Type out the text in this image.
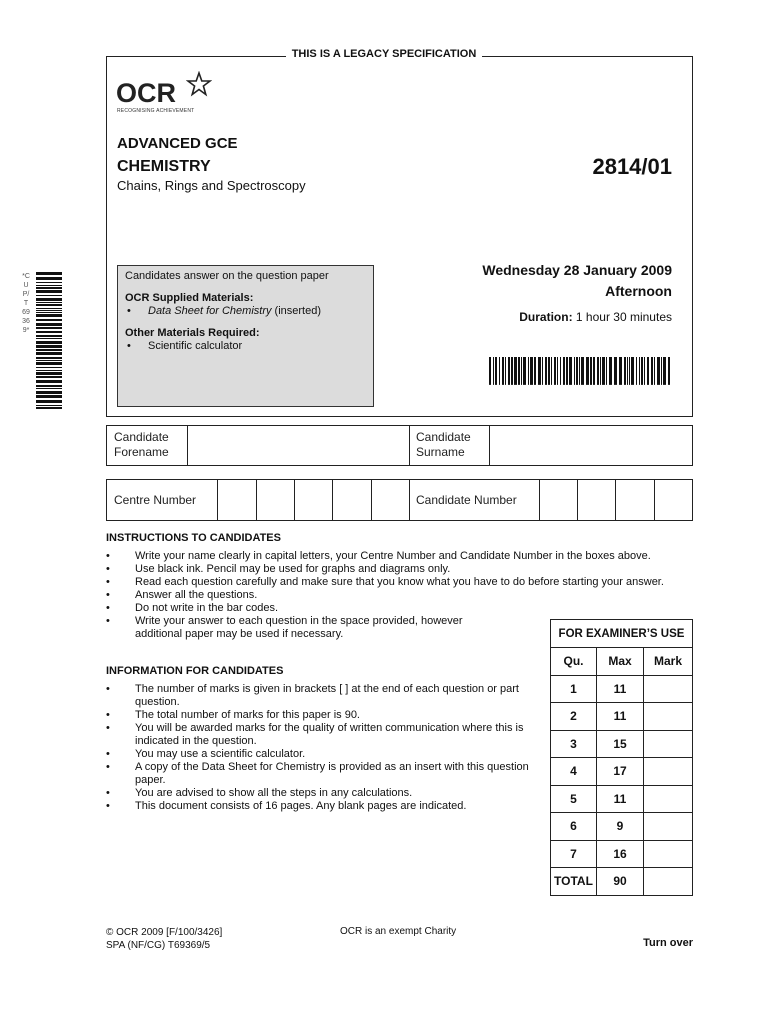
THIS IS A LEGACY SPECIFICATION
OCR
RECOGNISING ACHIEVEMENT
ADVANCED GCE
CHEMISTRY
Chains, Rings and Spectroscopy
2814/01
Candidates answer on the question paper
OCR Supplied Materials:
• Data Sheet for Chemistry (inserted)
Other Materials Required:
• Scientific calculator
Wednesday 28 January 2009
Afternoon
Duration: 1 hour 30 minutes
*CUP/T69369*
Candidate
Forename
Candidate
Surname
Centre Number	Candidate Number
INSTRUCTIONS TO CANDIDATES
• Write your name clearly in capital letters, your Centre Number and Candidate Number in the boxes above.
• Use black ink. Pencil may be used for graphs and diagrams only.
• Read each question carefully and make sure that you know what you have to do before starting your answer.
• Answer all the questions.
• Do not write in the bar codes.
• Write your answer to each question in the space provided, however additional paper may be used if necessary.
INFORMATION FOR CANDIDATES
• The number of marks is given in brackets [ ] at the end of each question or part question.
• The total number of marks for this paper is 90.
• You will be awarded marks for the quality of written communication where this is indicated in the question.
• You may use a scientific calculator.
• A copy of the Data Sheet for Chemistry is provided as an insert with this question paper.
• You are advised to show all the steps in any calculations.
• This document consists of 16 pages. Any blank pages are indicated.
FOR EXAMINER’S USE		
Qu.	Max	Mark
1	11	
2	11	
3	15	
4	17	
5	11	
6	9	
7	16	
TOTAL	90	
© OCR 2009 [F/100/3426]
SPA (NF/CG) T69369/5
OCR is an exempt Charity
Turn over
